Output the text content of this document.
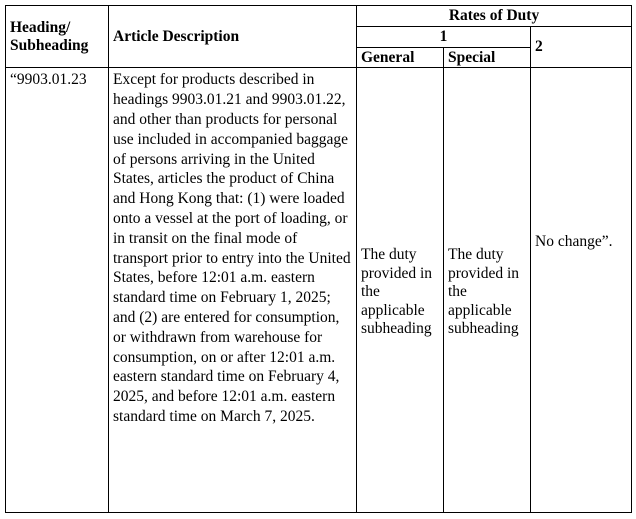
Heading/
Subheading	Article Description	Rates of Duty		
		1		2
		General	Special	
“9903.01.23	Except for products described in headings 9903.01.21 and 9903.01.22, and other than products for personal use included in accompanied baggage of persons arriving in the United States, articles the product of China and Hong Kong that: (1) were loaded onto a vessel at the port of loading, or in transit on the final mode of transport prior to entry into the United States, before 12:01 a.m. eastern standard time on February 1, 2025; and (2) are entered for consumption, or withdrawn from warehouse for consumption, on or after 12:01 a.m. eastern standard time on February 4, 2025, and before 12:01 a.m. eastern standard time on March 7, 2025.	The duty provided in the applicable subheading	The duty provided in the applicable subheading	No change”.
